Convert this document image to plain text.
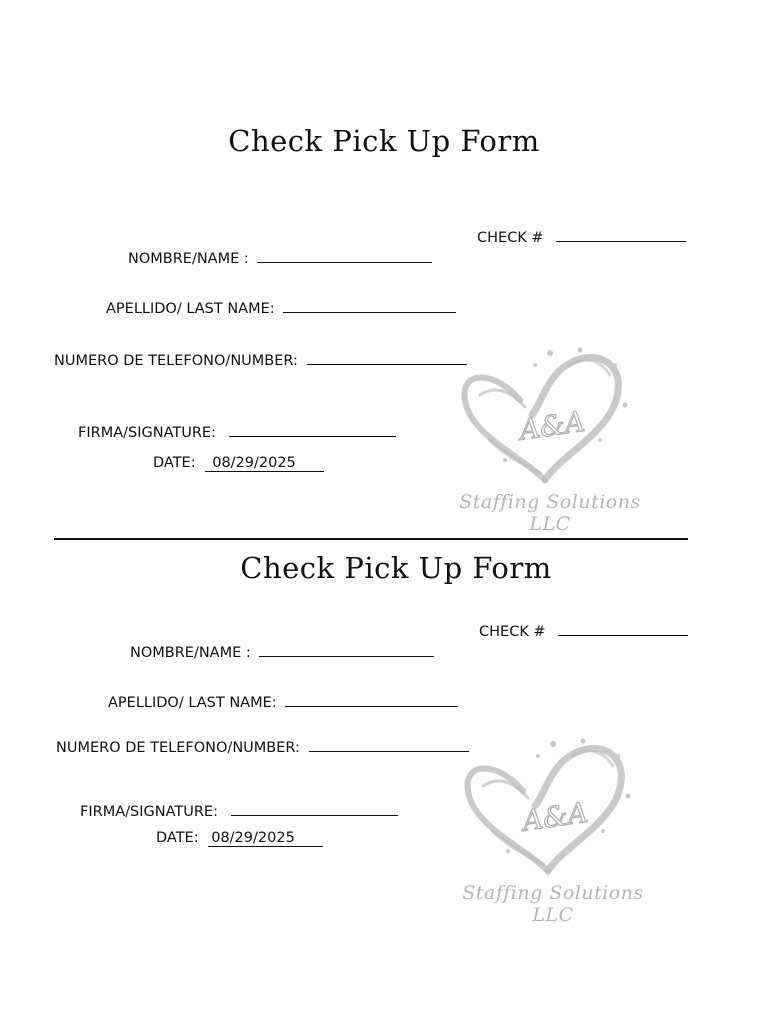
Check Pick Up Form
CHECK #
NOMBRE/NAME :
APELLIDO/ LAST NAME:
NUMERO DE TELEFONO/NUMBER:
FIRMA/SIGNATURE:
DATE: 08/29/2025
A&A
Staffing Solutions LLC
Check Pick Up Form
CHECK #
NOMBRE/NAME :
APELLIDO/ LAST NAME:
NUMERO DE TELEFONO/NUMBER:
FIRMA/SIGNATURE:
DATE: 08/29/2025
A&A
Staffing Solutions LLC
